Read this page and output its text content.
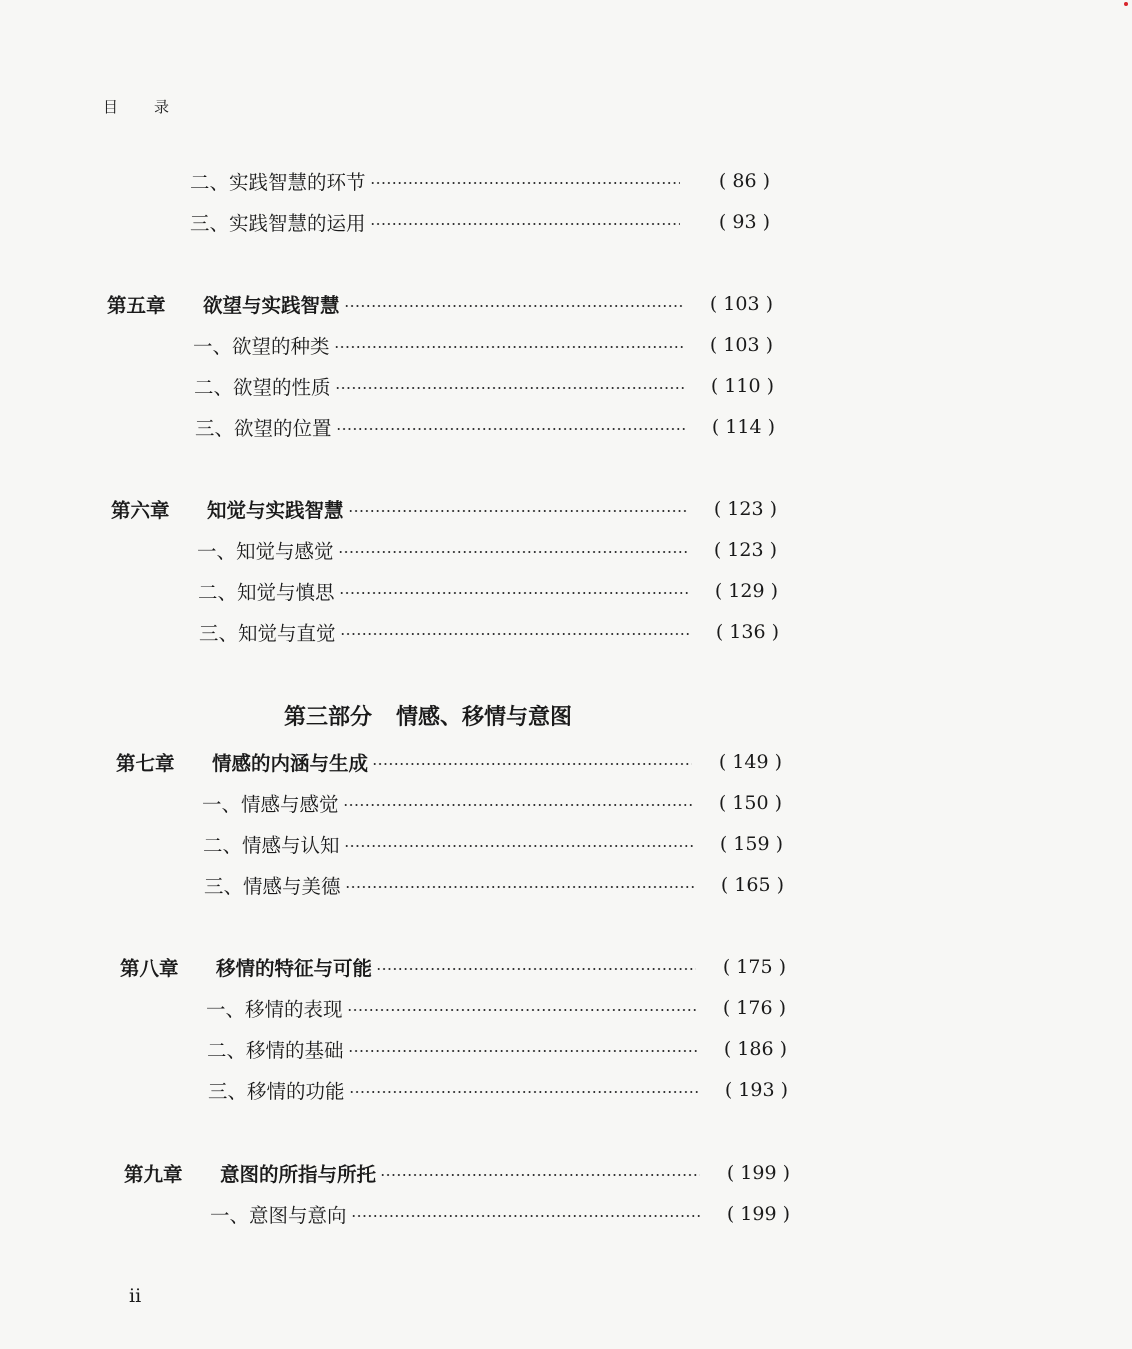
目 录
二、实践智慧的环节	( 86 )
三、实践智慧的运用	( 93 )
第五章	欲望与实践智慧	( 103 )
一、欲望的种类	( 103 )
二、欲望的性质	( 110 )
三、欲望的位置	( 114 )
第六章	知觉与实践智慧	( 123 )
一、知觉与感觉	( 123 )
二、知觉与慎思	( 129 )
三、知觉与直觉	( 136 )
第三部分 情感、移情与意图
第七章	情感的内涵与生成	( 149 )
一、情感与感觉	( 150 )
二、情感与认知	( 159 )
三、情感与美德	( 165 )
第八章	移情的特征与可能	( 175 )
一、移情的表现	( 176 )
二、移情的基础	( 186 )
三、移情的功能	( 193 )
第九章	意图的所指与所托	( 199 )
一、意图与意向	( 199 )
ii
